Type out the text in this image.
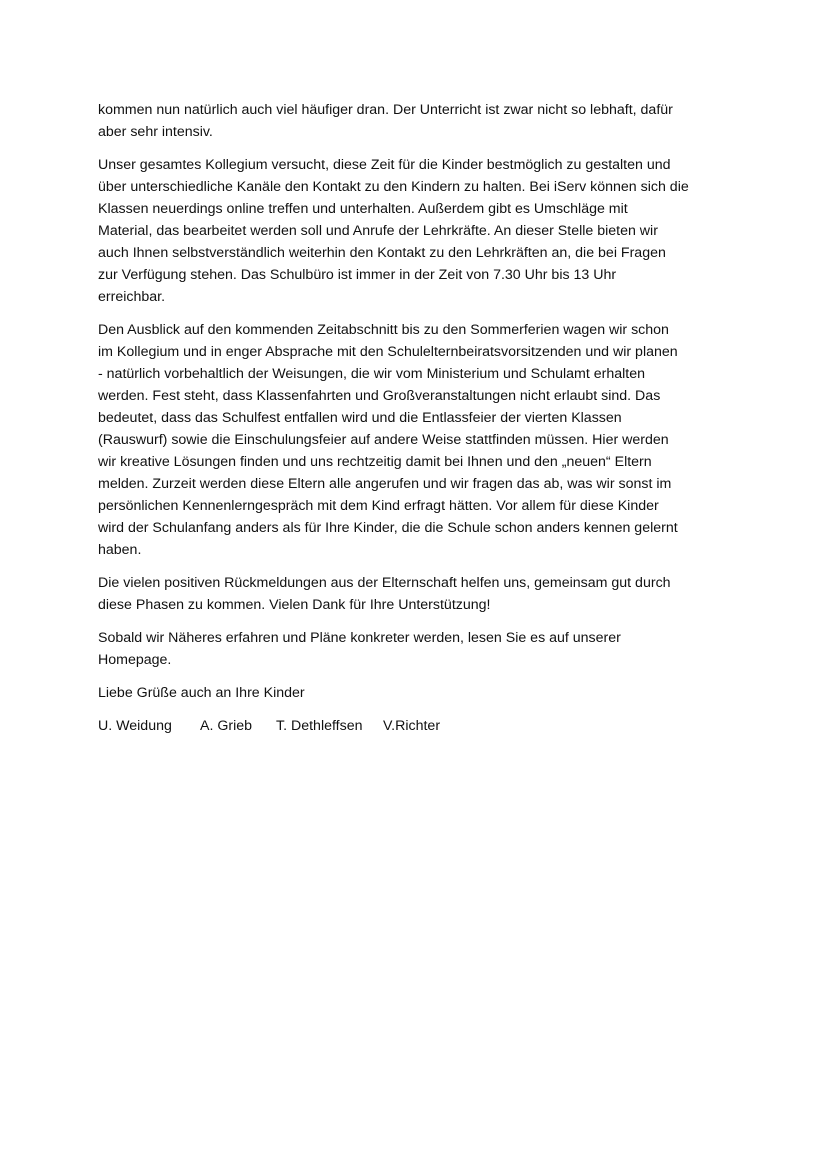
kommen nun natürlich auch viel häufiger dran. Der Unterricht ist zwar nicht so lebhaft, dafür
aber sehr intensiv.
Unser gesamtes Kollegium versucht, diese Zeit für die Kinder bestmöglich zu gestalten und
über unterschiedliche Kanäle den Kontakt zu den Kindern zu halten. Bei iServ können sich die
Klassen neuerdings online treffen und unterhalten. Außerdem gibt es Umschläge mit
Material, das bearbeitet werden soll und Anrufe der Lehrkräfte. An dieser Stelle bieten wir
auch Ihnen selbstverständlich weiterhin den Kontakt zu den Lehrkräften an, die bei Fragen
zur Verfügung stehen. Das Schulbüro ist immer in der Zeit von 7.30 Uhr bis 13 Uhr
erreichbar.
Den Ausblick auf den kommenden Zeitabschnitt bis zu den Sommerferien wagen wir schon
im Kollegium und in enger Absprache mit den Schulelternbeiratsvorsitzenden und wir planen
- natürlich vorbehaltlich der Weisungen, die wir vom Ministerium und Schulamt erhalten
werden. Fest steht, dass Klassenfahrten und Großveranstaltungen nicht erlaubt sind. Das
bedeutet, dass das Schulfest entfallen wird und die Entlassfeier der vierten Klassen
(Rauswurf) sowie die Einschulungsfeier auf andere Weise stattfinden müssen. Hier werden
wir kreative Lösungen finden und uns rechtzeitig damit bei Ihnen und den „neuen“ Eltern
melden. Zurzeit werden diese Eltern alle angerufen und wir fragen das ab, was wir sonst im
persönlichen Kennenlerngespräch mit dem Kind erfragt hätten. Vor allem für diese Kinder
wird der Schulanfang anders als für Ihre Kinder, die die Schule schon anders kennen gelernt
haben.
Die vielen positiven Rückmeldungen aus der Elternschaft helfen uns, gemeinsam gut durch
diese Phasen zu kommen. Vielen Dank für Ihre Unterstützung!
Sobald wir Näheres erfahren und Pläne konkreter werden, lesen Sie es auf unserer
Homepage.
Liebe Grüße auch an Ihre Kinder
U. Weidung A. Grieb T. Dethleffsen V.Richter
